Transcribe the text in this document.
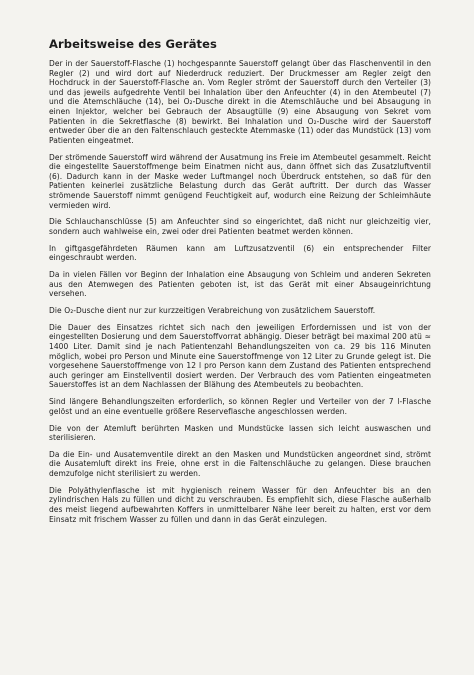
Arbeitsweise des Gerätes

Der in der Sauerstoff-Flasche (1) hochgespannte Sauerstoff gelangt über das Flaschenventil in den Regler (2) und wird dort auf Niederdruck reduziert. Der Druckmesser am Regler zeigt den Hochdruck in der Sauerstoff-Flasche an. Vom Regler strömt der Sauerstoff durch den Verteiler (3) und das jeweils aufgedrehte Ventil bei Inhalation über den Anfeuchter (4) in den Atembeutel (7) und die Atemschläuche (14), bei O₂-Dusche direkt in die Atemschläuche und bei Absaugung in einen Injektor, welcher bei Gebrauch der Absaugtülle (9) eine Absaugung von Sekret vom Patienten in die Sekretflasche (8) bewirkt. Bei Inhalation und O₂-Dusche wird der Sauerstoff entweder über die an den Faltenschlauch gesteckte Atemmaske (11) oder das Mundstück (13) vom Patienten eingeatmet.

Der strömende Sauerstoff wird während der Ausatmung ins Freie im Atembeutel gesammelt. Reicht die eingestellte Sauerstoffmenge beim Einatmen nicht aus, dann öffnet sich das Zusatzluftventil (6). Dadurch kann in der Maske weder Luftmangel noch Überdruck entstehen, so daß für den Patienten keinerlei zusätzliche Belastung durch das Gerät auftritt. Der durch das Wasser strömende Sauerstoff nimmt genügend Feuchtigkeit auf, wodurch eine Reizung der Schleimhäute vermieden wird.

Die Schlauchanschlüsse (5) am Anfeuchter sind so eingerichtet, daß nicht nur gleichzeitig vier, sondern auch wahlweise ein, zwei oder drei Patienten beatmet werden können.

In giftgasgefährdeten Räumen kann am Luftzusatzventil (6) ein entsprechender Filter eingeschraubt werden.

Da in vielen Fällen vor Beginn der Inhalation eine Absaugung von Schleim und anderen Sekreten aus den Atemwegen des Patienten geboten ist, ist das Gerät mit einer Absaugeinrichtung versehen.

Die O₂-Dusche dient nur zur kurzzeitigen Verabreichung von zusätzlichem Sauerstoff.

Die Dauer des Einsatzes richtet sich nach den jeweiligen Erfordernissen und ist von der eingestellten Dosierung und dem Sauerstoffvorrat abhängig. Dieser beträgt bei maximal 200 atü ≈ 1400 Liter. Damit sind je nach Patientenzahl Behandlungszeiten von ca. 29 bis 116 Minuten möglich, wobei pro Person und Minute eine Sauerstoffmenge von 12 Liter zu Grunde gelegt ist. Die vorgesehene Sauerstoffmenge von 12 l pro Person kann dem Zustand des Patienten entsprechend auch geringer am Einstellventil dosiert werden. Der Verbrauch des vom Patienten eingeatmeten Sauerstoffes ist an dem Nachlassen der Blähung des Atembeutels zu beobachten.

Sind längere Behandlungszeiten erforderlich, so können Regler und Verteiler von der 7 l-Flasche gelöst und an eine eventuelle größere Reserveflasche angeschlossen werden.

Die von der Atemluft berührten Masken und Mundstücke lassen sich leicht auswaschen und sterilisieren.

Da die Ein- und Ausatemventile direkt an den Masken und Mundstücken angeordnet sind, strömt die Ausatemluft direkt ins Freie, ohne erst in die Faltenschläuche zu gelangen. Diese brauchen demzufolge nicht sterilisiert zu werden.

Die Polyäthylenflasche ist mit hygienisch reinem Wasser für den Anfeuchter bis an den zylindrischen Hals zu füllen und dicht zu verschrauben. Es empfiehlt sich, diese Flasche außerhalb des meist liegend aufbewahrten Koffers in unmittelbarer Nähe leer bereit zu halten, erst vor dem Einsatz mit frischem Wasser zu füllen und dann in das Gerät einzulegen.
